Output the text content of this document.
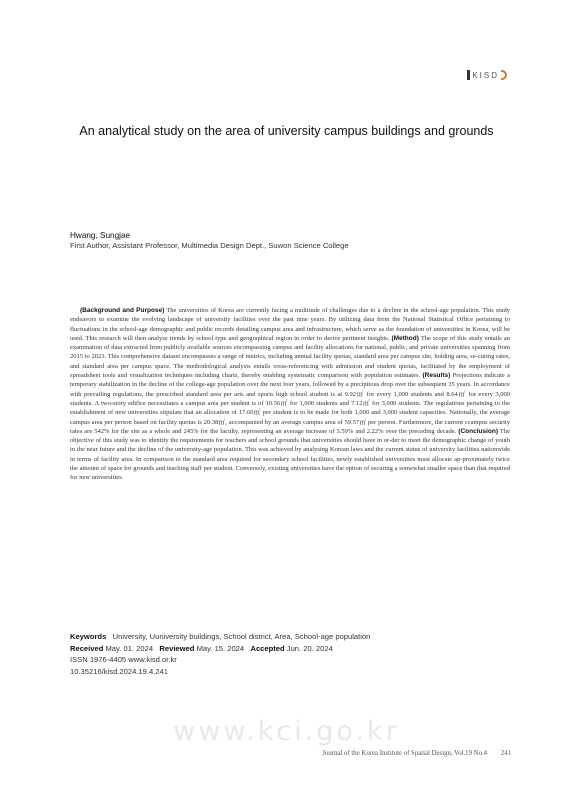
KISD
An analytical study on the area of university campus buildings and grounds
Hwang, Sungjae
First Author, Assistant Professor, Multimedia Design Dept., Suwon Science College

(Background and Purpose) The universities of Korea are currently facing a multitude of challenges due to a decline in the school-age population. This study endeavors to examine the evolving landscape of university facilities over the past nine years. By utilizing data from the National Statistical Office pertaining to fluctuations in the school-age demographic and public records detailing campus area and infrastructure, which serve as the foundation of universities in Korea, will be used. This research will then analyse trends by school type and geographical region in order to derive pertinent insights. (Method) The scope of this study entails an examination of data extracted from publicly available sources encompassing campus and facility allocations for national, public, and private universities spanning from 2015 to 2023. This comprehensive dataset encompasses a range of metrics, including annual facility quotas, standard area per campus site, holding area, se-curing rates, and standard area per campus space. The methodological analysis entails cross-referencing with admission and student quotas, facilitated by the employment of spreadsheet tools and visualization techniques including charts, thereby enabling systematic comparison with population estimates. (Results) Projections indicate a temporary stabilization in the decline of the college-age population over the next four years, followed by a precipitous drop over the subsequent 35 years. In accordance with prevailing regulations, the prescribed standard area per arts and sports high school student is at 9.92㎡ for every 1,000 students and 8.64㎡ for every 3,000 students. A two-story edifice necessitates a campus area per student is of 10.56㎡ for 1,000 students and 7.12㎡ for 3,000 students. The regulations pertaining to the establishment of new universities stipulate that an allocation of 17.60㎡ per student is to be made for both 1,000 and 3,000 student capacities. Nationally, the average campus area per person based on facility quotas is 20.38㎡, accompanied by an average campus area of 59.57㎡ per person. Furthermore, the current ccampus security rates are 542% for the site as a whole and 245% for the faculty, representing an average increase of 3.59% and 2.22% over the preceding decade. (Conclusion) The objective of this study was to identify the requirements for teachers and school grounds that universities should have in or-der to meet the demographic change of youth in the near future and the decline of the university-age population. This was achieved by analysing Korean laws and the current status of university facilities nationwide in terms of facility area. In comparison to the standard area required for secondary school facilities, newly established universities must allocate ap-proximately twice the amount of space for grounds and teaching staff per student. Conversely, existing universities have the option of securing a somewhat smaller space than that required for new universities.

Keywords University, Uuniversity buildings, School district, Area, School-age population
Received May. 01. 2024 Reviewed May. 15. 2024 Accepted Jun. 20. 2024
ISSN 1976-4405 www.kisd.or.kr
10.35216/kisd.2024.19.4.241
www.kci.go.kr
Journal of the Korea Institute of Spatial Design, Vol.19 No.4 241
